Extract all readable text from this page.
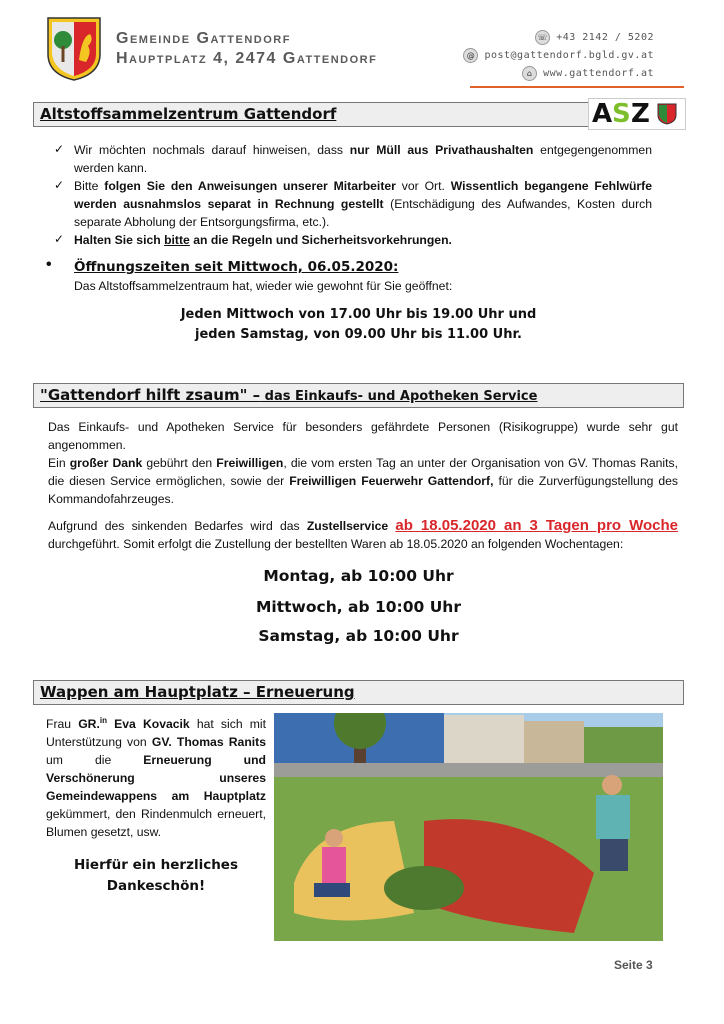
Gemeinde Gattendorf
Hauptplatz 4, 2474 Gattendorf
☏ +43 2142 / 5202
@ post@gattendorf.bgld.gv.at
⌂	www.gattendorf.at
Altstoffsammelzentrum Gattendorf	A S Z
✓ Wir möchten nochmals darauf hinweisen, dass nur Müll aus Privathaushalten entgegengenommen werden kann.
✓ Bitte folgen Sie den Anweisungen unserer Mitarbeiter vor Ort. Wissentlich begangene Fehlwürfe werden ausnahmslos separat in Rechnung gestellt (Entschädigung des Aufwandes, Kosten durch separate Abholung der Entsorgungsfirma, etc.).
✓ Halten Sie sich bitte an die Regeln und Sicherheitsvorkehrungen.
• Öffnungszeiten seit Mittwoch, 06.05.2020:
Das Altstoffsammelzentraum hat, wieder wie gewohnt für Sie geöffnet:
Jeden Mittwoch von 17.00 Uhr bis 19.00 Uhr und
jeden Samstag, von 09.00 Uhr bis 11.00 Uhr.
"Gattendorf hilft zsaum" – das Einkaufs- und Apotheken Service
Das Einkaufs- und Apotheken Service für besonders gefährdete Personen (Risikogruppe) wurde sehr gut angenommen.
Ein großer Dank gebührt den Freiwilligen, die vom ersten Tag an unter der Organisation von GV. Thomas Ranits, die diesen Service ermöglichen, sowie der Freiwilligen Feuerwehr Gattendorf, für die Zurverfügungstellung des Kommandofahrzeuges.
Aufgrund des sinkenden Bedarfes wird das Zustellservice ab 18.05.2020 an 3 Tagen pro Woche durchgeführt. Somit erfolgt die Zustellung der bestellten Waren ab 18.05.2020 an folgenden Wochentagen:
Montag, ab 10:00 Uhr
Mittwoch, ab 10:00 Uhr
Samstag, ab 10:00 Uhr
Wappen am Hauptplatz – Erneuerung
Frau GR.$^{in}$ Eva Kovacik hat sich mit Unterstützung von GV. Thomas Ranits um die Erneuerung und Verschönerung unseres Gemeindewappens am Hauptplatz gekümmert, den Rindenmulch erneuert, Blumen gesetzt, usw.
Hierfür ein herzliches
Dankeschön!
Seite 3
